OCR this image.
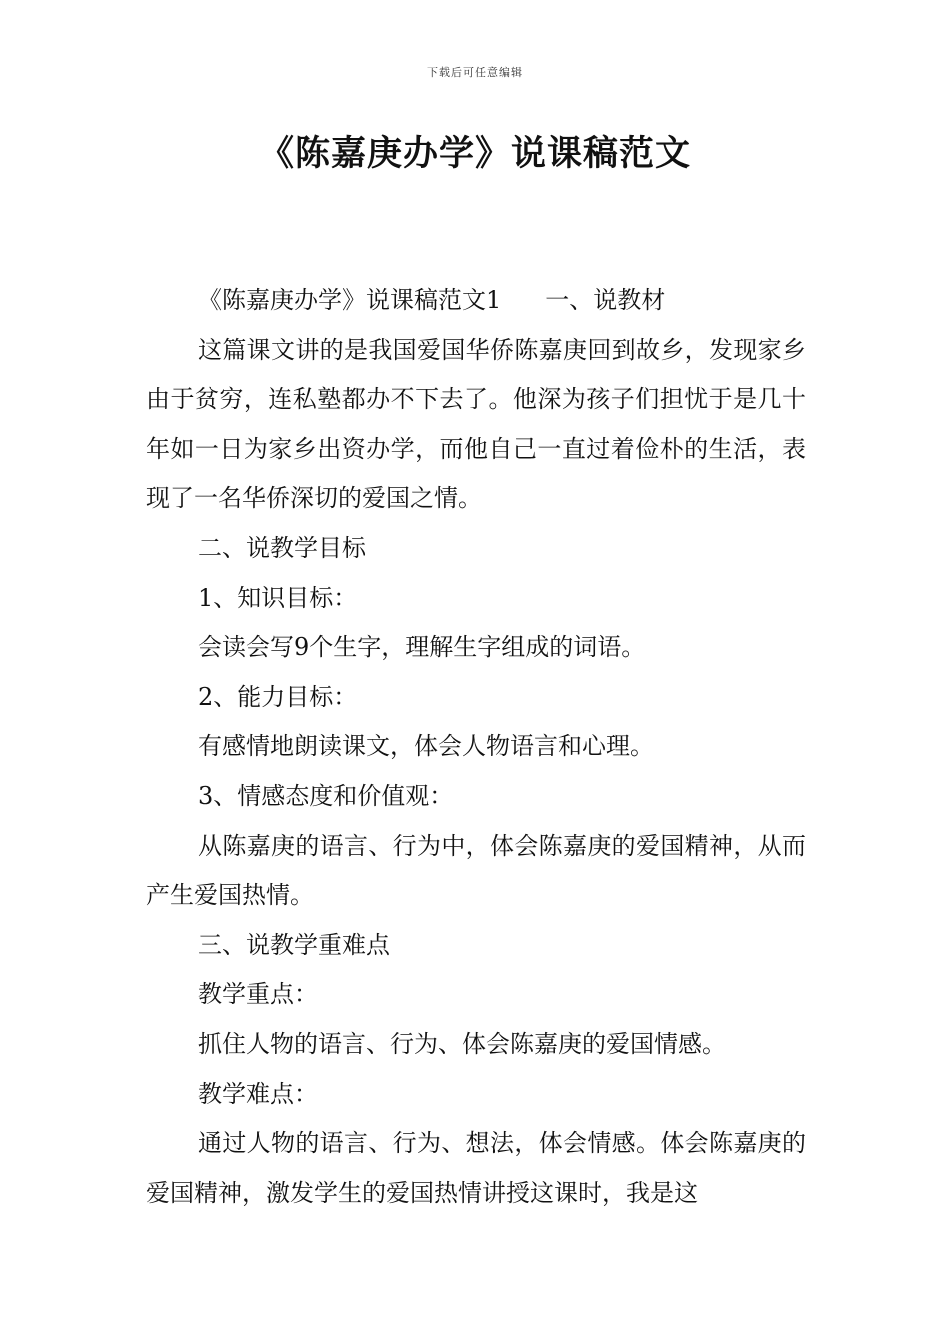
下载后可任意编辑
《陈嘉庚办学》说课稿范文

《陈嘉庚办学》说课稿范文1 一、说教材

这篇课文讲的是我国爱国华侨陈嘉庚回到故乡，发现家乡由于贫穷，连私塾都办不下去了。他深为孩子们担忧于是几十年如一日为家乡出资办学，而他自己一直过着俭朴的生活，表现了一名华侨深切的爱国之情。

二、说教学目标

1、知识目标：

会读会写9个生字，理解生字组成的词语。

2、能力目标：

有感情地朗读课文，体会人物语言和心理。

3、情感态度和价值观：

从陈嘉庚的语言、行为中，体会陈嘉庚的爱国精神，从而产生爱国热情。

三、说教学重难点

教学重点：

抓住人物的语言、行为、体会陈嘉庚的爱国情感。

教学难点：

通过人物的语言、行为、想法，体会情感。体会陈嘉庚的爱国精神，激发学生的爱国热情讲授这课时，我是这
